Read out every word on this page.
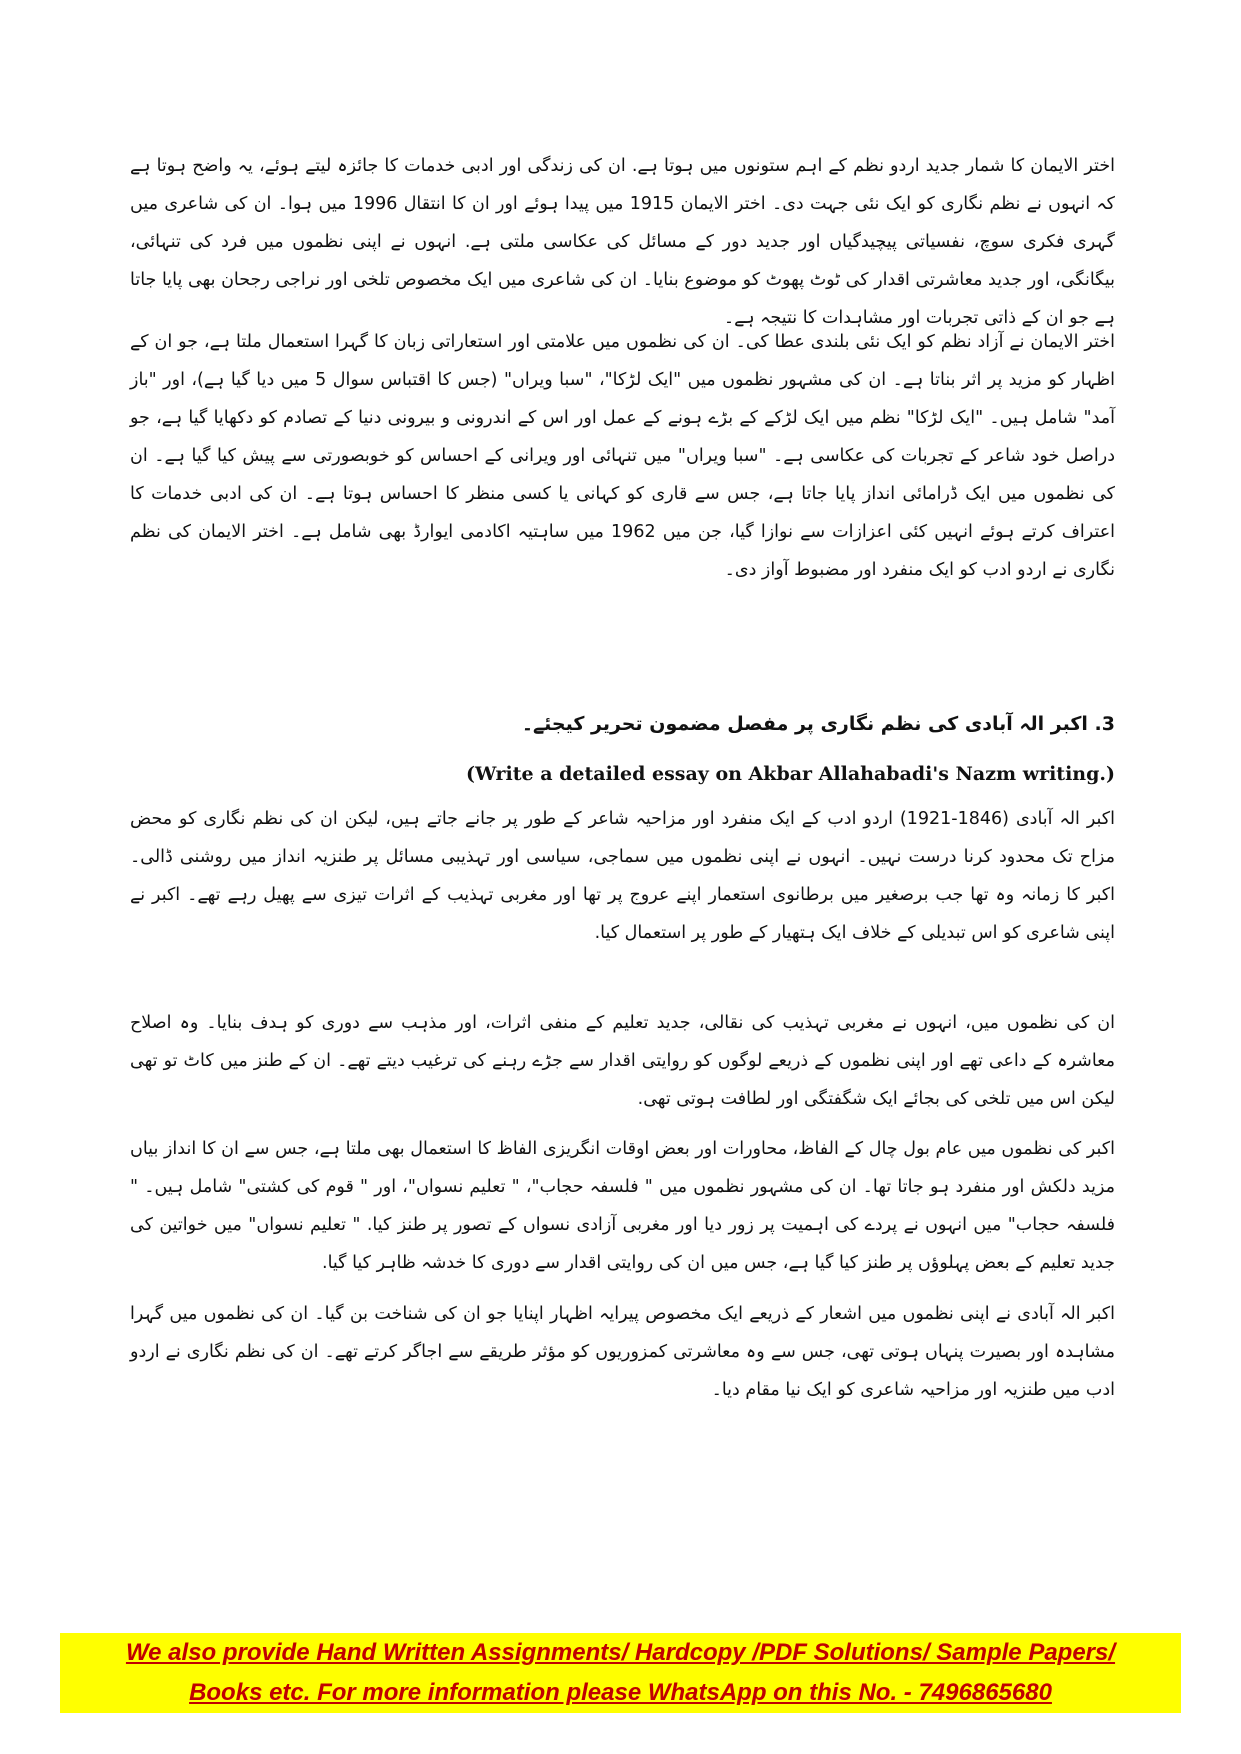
اختر الایمان کا شمار جدید اردو نظم کے اہم ستونوں میں ہوتا ہے. ان کی زندگی اور ادبی خدمات کا جائزہ لیتے ہوئے، یہ واضح ہوتا ہے کہ انہوں نے نظم نگاری کو ایک نئی جہت دی۔ اختر الایمان 1915 میں پیدا ہوئے اور ان کا انتقال 1996 میں ہوا۔ ان کی شاعری میں گہری فکری سوچ، نفسیاتی پیچیدگیاں اور جدید دور کے مسائل کی عکاسی ملتی ہے. انہوں نے اپنی نظموں میں فرد کی تنہائی، بیگانگی، اور جدید معاشرتی اقدار کی ٹوٹ پھوٹ کو موضوع بنایا۔ ان کی شاعری میں ایک مخصوص تلخی اور نراجی رجحان بھی پایا جاتا ہے جو ان کے ذاتی تجربات اور مشاہدات کا نتیجہ ہے۔

اختر الایمان نے آزاد نظم کو ایک نئی بلندی عطا کی۔ ان کی نظموں میں علامتی اور استعاراتی زبان کا گہرا استعمال ملتا ہے، جو ان کے اظہار کو مزید پر اثر بناتا ہے۔ ان کی مشہور نظموں میں "ایک لڑکا"، "سبا ویراں" (جس کا اقتباس سوال 5 میں دیا گیا ہے)، اور "باز آمد" شامل ہیں۔ "ایک لڑکا" نظم میں ایک لڑکے کے بڑے ہونے کے عمل اور اس کے اندرونی و بیرونی دنیا کے تصادم کو دکھایا گیا ہے، جو دراصل خود شاعر کے تجربات کی عکاسی ہے۔ "سبا ویراں" میں تنہائی اور ویرانی کے احساس کو خوبصورتی سے پیش کیا گیا ہے۔ ان کی نظموں میں ایک ڈرامائی انداز پایا جاتا ہے، جس سے قاری کو کہانی یا کسی منظر کا احساس ہوتا ہے۔ ان کی ادبی خدمات کا اعتراف کرتے ہوئے انہیں کئی اعزازات سے نوازا گیا، جن میں 1962 میں ساہتیہ اکادمی ایوارڈ بھی شامل ہے۔ اختر الایمان کی نظم نگاری نے اردو ادب کو ایک منفرد اور مضبوط آواز دی۔

3. اکبر الہ آبادی کی نظم نگاری پر مفصل مضمون تحریر کیجئے۔

(.Write a detailed essay on Akbar Allahabadi's Nazm writing)

اکبر الہ آبادی (1846-1921) اردو ادب کے ایک منفرد اور مزاحیہ شاعر کے طور پر جانے جاتے ہیں، لیکن ان کی نظم نگاری کو محض مزاح تک محدود کرنا درست نہیں۔ انہوں نے اپنی نظموں میں سماجی، سیاسی اور تہذیبی مسائل پر طنزیہ انداز میں روشنی ڈالی۔ اکبر کا زمانہ وہ تھا جب برصغیر میں برطانوی استعمار اپنے عروج پر تھا اور مغربی تہذیب کے اثرات تیزی سے پھیل رہے تھے۔ اکبر نے اپنی شاعری کو اس تبدیلی کے خلاف ایک ہتھیار کے طور پر استعمال کیا.

ان کی نظموں میں، انہوں نے مغربی تہذیب کی نقالی، جدید تعلیم کے منفی اثرات، اور مذہب سے دوری کو ہدف بنایا۔ وہ اصلاح معاشرہ کے داعی تھے اور اپنی نظموں کے ذریعے لوگوں کو روایتی اقدار سے جڑے رہنے کی ترغیب دیتے تھے۔ ان کے طنز میں کاٹ تو تھی لیکن اس میں تلخی کی بجائے ایک شگفتگی اور لطافت ہوتی تھی.

اکبر کی نظموں میں عام بول چال کے الفاظ، محاورات اور بعض اوقات انگریزی الفاظ کا استعمال بھی ملتا ہے، جس سے ان کا انداز بیاں مزید دلکش اور منفرد ہو جاتا تھا۔ ان کی مشہور نظموں میں " فلسفہ حجاب"، " تعلیم نسواں"، اور " قوم کی کشتی" شامل ہیں۔ " فلسفہ حجاب" میں انہوں نے پردے کی اہمیت پر زور دیا اور مغربی آزادی نسواں کے تصور پر طنز کیا. " تعلیم نسواں" میں خواتین کی جدید تعلیم کے بعض پہلوؤں پر طنز کیا گیا ہے، جس میں ان کی روایتی اقدار سے دوری کا خدشہ ظاہر کیا گیا.

اکبر الہ آبادی نے اپنی نظموں میں اشعار کے ذریعے ایک مخصوص پیرایہ اظہار اپنایا جو ان کی شناخت بن گیا۔ ان کی نظموں میں گہرا مشاہدہ اور بصیرت پنہاں ہوتی تھی، جس سے وہ معاشرتی کمزوریوں کو مؤثر طریقے سے اجاگر کرتے تھے۔ ان کی نظم نگاری نے اردو ادب میں طنزیہ اور مزاحیہ شاعری کو ایک نیا مقام دیا۔

We also provide Hand Written Assignments/ Hardcopy /PDF Solutions/ Sample Papers/
Books etc. For more information please WhatsApp on this No. - 7496865680
